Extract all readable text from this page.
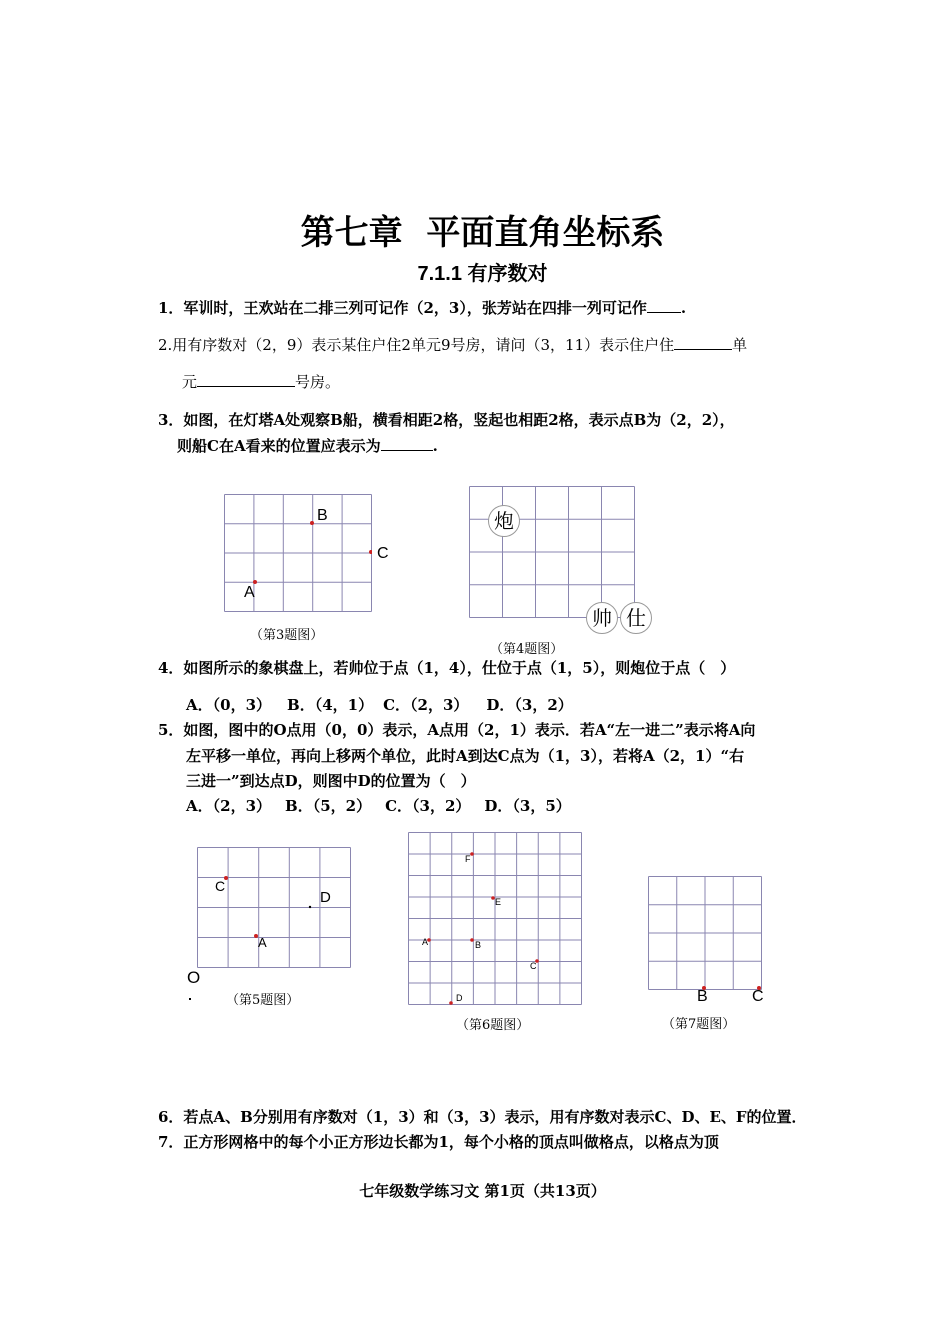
第七章  平面直角坐标系
7.1.1 有序数对
1．军训时，王欢站在二排三列可记作（2，3），张芳站在四排一列可记作 .
2.用有序数对（2，9）表示某住户住2单元9号房，请问（3，11）表示住户住	单
元	号房。
3．如图，在灯塔A处观察B船，横看相距2格，竖起也相距2格，表示点B为（2，2），
则船C在A看来的位置应表示为	.
A
B
C
（第3题图）
炮
帅 仕
（第4题图）
4．如图所示的象棋盘上，若帅位于点（1，4），仕位于点（1，5），则炮位于点（　）
A．（0，3） B．（4，1） C．（2，3） D．（3，2）
5．如图，图中的O点用（0，0）表示，A点用（2，1）表示．若A“左一进二”表示将A向
左平移一单位，再向上移两个单位，此时A到达C点为（1，3），若将A（2，1）“右
三进一”到达点D，则图中D的位置为（　）
A．（2，3） B．（5，2） C．（3，2） D．（3，5）
C
D
A
O
（第5题图）
F
E
A	B
C
D
（第6题图）
B	C
（第7题图）
6．若点A、B分别用有序数对（1，3）和（3，3）表示，用有序数对表示C、D、E、F的位置．
7．正方形网格中的每个小正方形边长都为1，每个小格的顶点叫做格点，以格点为顶
七年级数学练习文 第1页（共13页）
